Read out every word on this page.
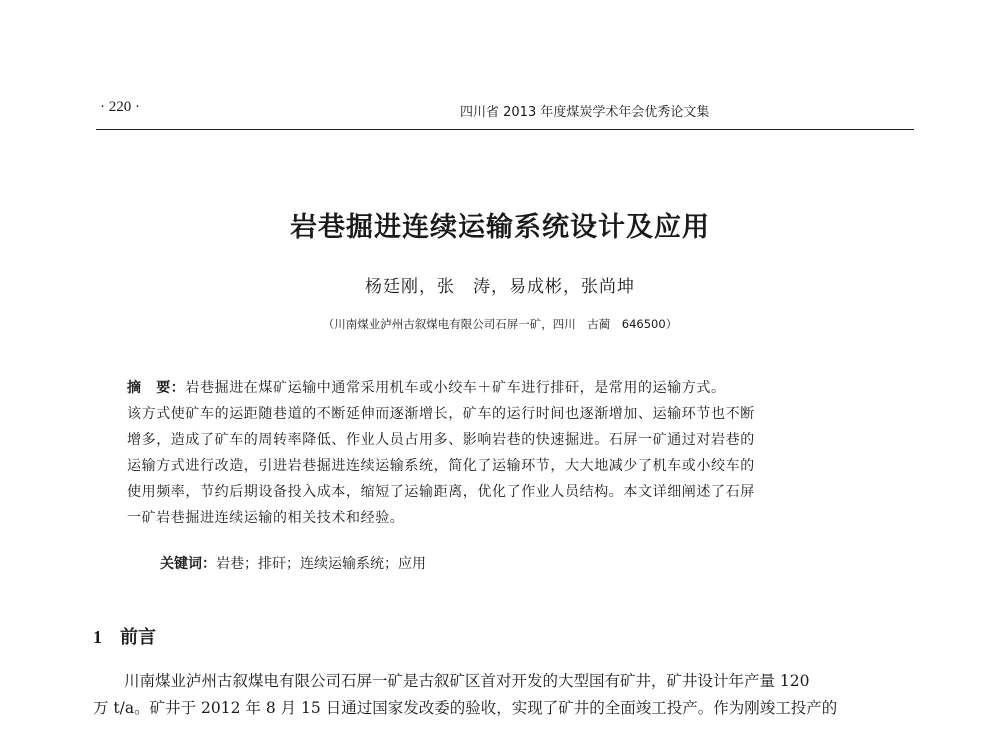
· 220 ·	四川省 2013 年度煤炭学术年会优秀论文集
岩巷掘进连续运输系统设计及应用
杨廷刚，张　涛，易成彬，张尚坤
（川南煤业泸州古叙煤电有限公司石屏一矿，四川　古蔺　646500）
摘　要：岩巷掘进在煤矿运输中通常采用机车或小绞车＋矿车进行排矸，是常用的运输方式。
该方式使矿车的运距随巷道的不断延伸而逐渐增长，矿车的运行时间也逐渐增加、运输环节也不断
增多，造成了矿车的周转率降低、作业人员占用多、影响岩巷的快速掘进。石屏一矿通过对岩巷的
运输方式进行改造，引进岩巷掘进连续运输系统，简化了运输环节，大大地减少了机车或小绞车的
使用频率，节约后期设备投入成本，缩短了运输距离，优化了作业人员结构。本文详细阐述了石屏
一矿岩巷掘进连续运输的相关技术和经验。
关键词：岩巷；排矸；连续运输系统；应用
1 前言
川南煤业泸州古叙煤电有限公司石屏一矿是古叙矿区首对开发的大型国有矿井，矿井设计年产量 120
万 t/a。矿井于 2012 年 8 月 15 日通过国家发改委的验收，实现了矿井的全面竣工投产。作为刚竣工投产的
